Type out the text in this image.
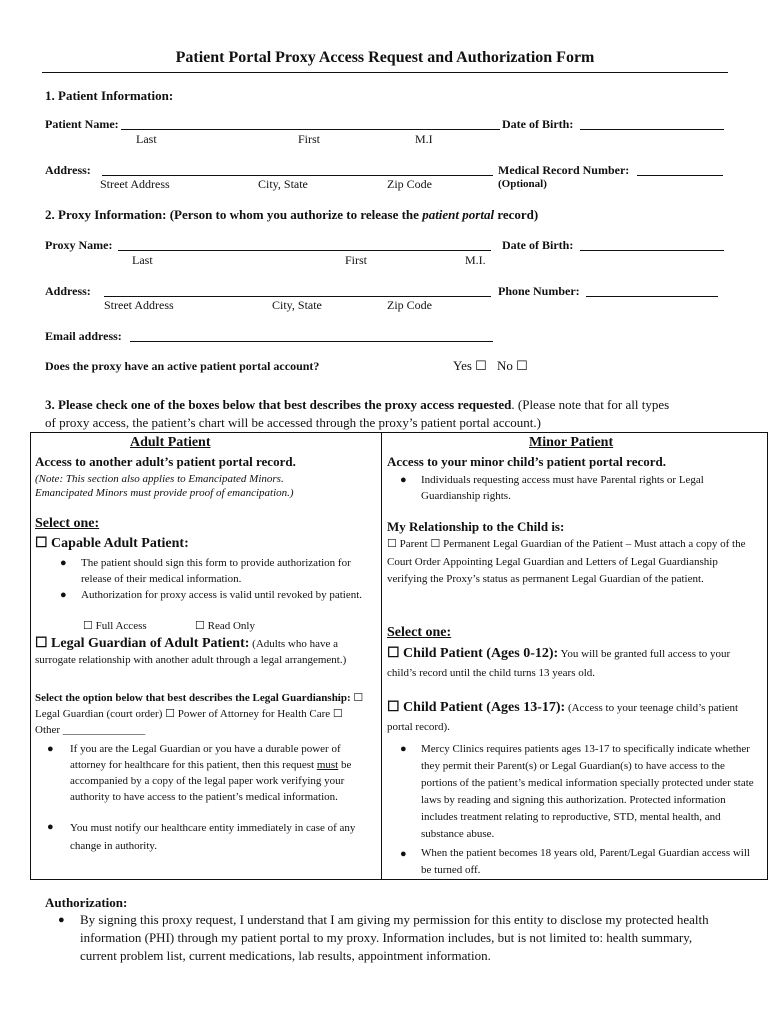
Patient Portal Proxy Access Request and Authorization Form
1. Patient Information:
Patient Name:
Last	First	M.I
Date of Birth:
Address:
Street Address	City, State	Zip Code
Medical Record Number:
(Optional)
2. Proxy Information: (Person to whom you authorize to release the patient portal record)
Proxy Name:
Last	First	M.I.
Date of Birth:
Address:
Street Address	City, State	Zip Code
Phone Number:
Email address:
Does the proxy have an active patient portal account?	Yes ☐ No ☐
3. Please check one of the boxes below that best describes the proxy access requested. (Please note that for all types
of proxy access, the patient’s chart will be accessed through the proxy’s patient portal account.)
Adult Patient
Access to another adult’s patient portal record.
(Note: This section also applies to Emancipated Minors.
Emancipated Minors must provide proof of emancipation.)
Select one:
☐ Capable Adult Patient:
● The patient should sign this form to provide authorization for release of their medical information.
● Authorization for proxy access is valid until revoked by patient.
☐ Full Access	☐ Read Only
☐ Legal Guardian of Adult Patient: (Adults who have a surrogate relationship with another adult through a legal arrangement.)
Select the option below that best describes the Legal Guardianship: ☐ Legal Guardian (court order) ☐ Power of Attorney for Health Care ☐ Other _______________
● If you are the Legal Guardian or you have a durable power of attorney for healthcare for this patient, then this request must be accompanied by a copy of the legal paper work verifying your authority to have access to the patient’s medical information.
● You must notify our healthcare entity immediately in case of any change in authority.
Minor Patient
Access to your minor child’s patient portal record.
● Individuals requesting access must have Parental rights or Legal Guardianship rights.
My Relationship to the Child is:
☐ Parent ☐ Permanent Legal Guardian of the Patient – Must attach a copy of the Court Order Appointing Legal Guardian and Letters of Legal Guardianship verifying the Proxy’s status as permanent Legal Guardian of the patient.
Select one:
☐ Child Patient (Ages 0-12): You will be granted full access to your child’s record until the child turns 13 years old.
☐ Child Patient (Ages 13-17): (Access to your teenage child’s patient portal record).
● Mercy Clinics requires patients ages 13-17 to specifically indicate whether they permit their Parent(s) or Legal Guardian(s) to have access to the portions of the patient’s medical information specially protected under state laws by reading and signing this authorization. Protected information includes treatment relating to reproductive, STD, mental health, and substance abuse.
● When the patient becomes 18 years old, Parent/Legal Guardian access will be turned off.
Authorization:
● By signing this proxy request, I understand that I am giving my permission for this entity to disclose my protected health information (PHI) through my patient portal to my proxy. Information includes, but is not limited to: health summary, current problem list, current medications, lab results, appointment information.
